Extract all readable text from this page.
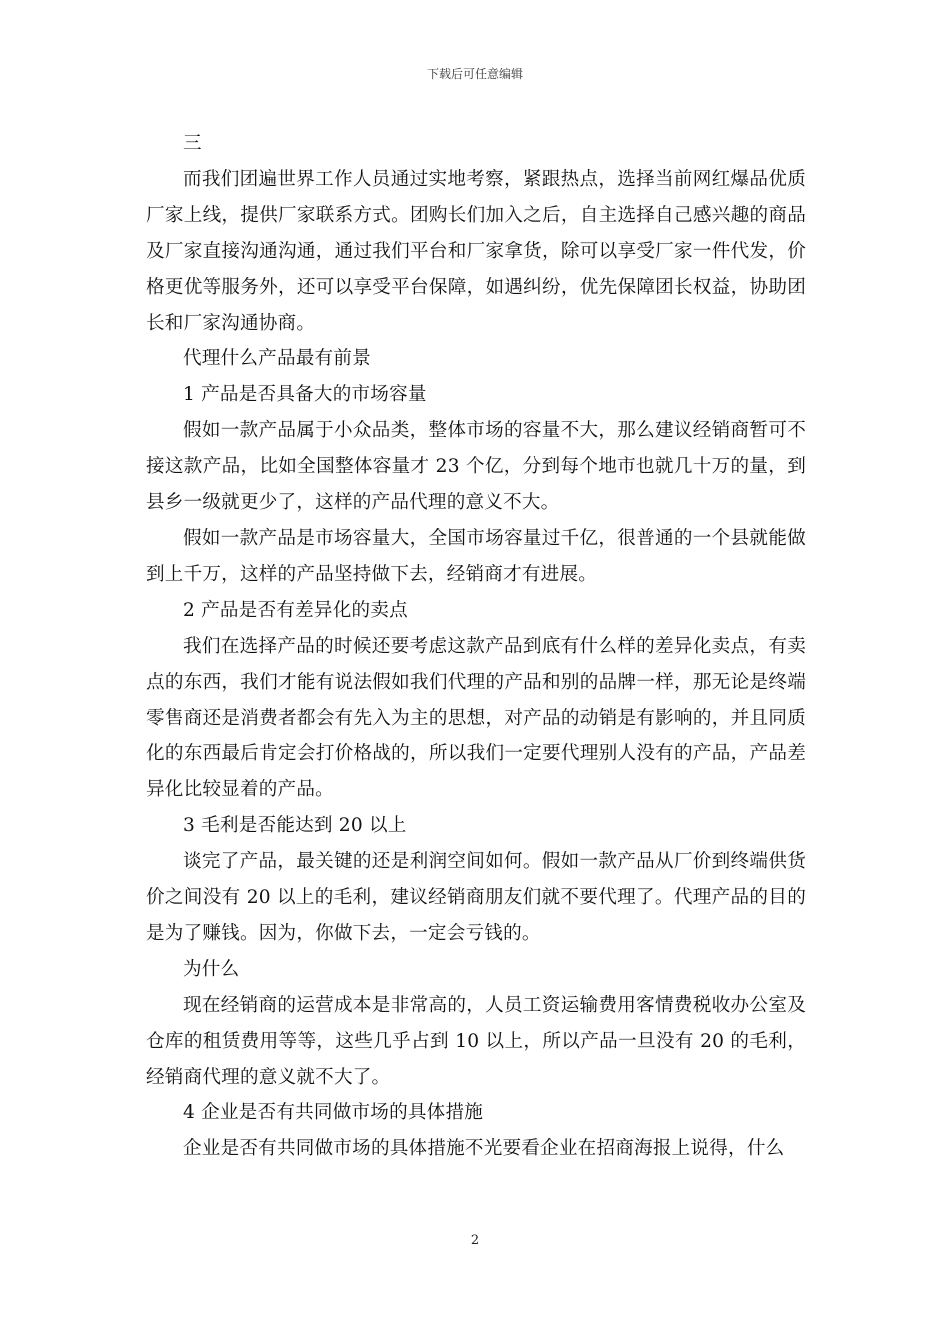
下载后可任意编辑

三

而我们团遍世界工作人员通过实地考察，紧跟热点，选择当前网红爆品优质厂家上线，提供厂家联系方式。团购长们加入之后，自主选择自己感兴趣的商品及厂家直接沟通沟通，通过我们平台和厂家拿货，除可以享受厂家一件代发，价格更优等服务外，还可以享受平台保障，如遇纠纷，优先保障团长权益，协助团长和厂家沟通协商。

代理什么产品最有前景

1 产品是否具备大的市场容量

假如一款产品属于小众品类，整体市场的容量不大，那么建议经销商暂可不接这款产品，比如全国整体容量才 23 个亿，分到每个地市也就几十万的量，到县乡一级就更少了，这样的产品代理的意义不大。

假如一款产品是市场容量大，全国市场容量过千亿，很普通的一个县就能做到上千万，这样的产品坚持做下去，经销商才有进展。

2 产品是否有差异化的卖点

我们在选择产品的时候还要考虑这款产品到底有什么样的差异化卖点，有卖点的东西，我们才能有说法假如我们代理的产品和别的品牌一样，那无论是终端零售商还是消费者都会有先入为主的思想，对产品的动销是有影响的，并且同质化的东西最后肯定会打价格战的，所以我们一定要代理别人没有的产品，产品差异化比较显着的产品。

3 毛利是否能达到 20 以上

谈完了产品，最关键的还是利润空间如何。假如一款产品从厂价到终端供货价之间没有 20 以上的毛利，建议经销商朋友们就不要代理了。代理产品的目的是为了赚钱。因为，你做下去，一定会亏钱的。

为什么

现在经销商的运营成本是非常高的，人员工资运输费用客情费税收办公室及仓库的租赁费用等等，这些几乎占到 10 以上，所以产品一旦没有 20 的毛利，经销商代理的意义就不大了。

4 企业是否有共同做市场的具体措施

企业是否有共同做市场的具体措施不光要看企业在招商海报上说得，什么

2
